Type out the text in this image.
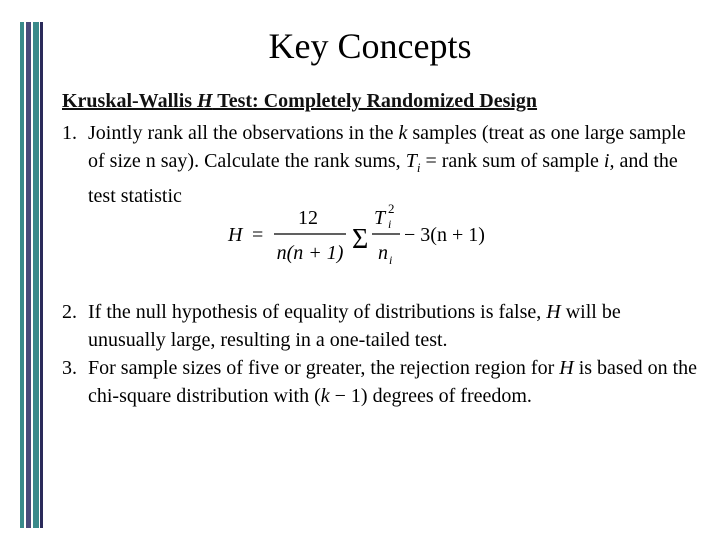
Key Concepts
Kruskal-Wallis H Test: Completely Randomized Design
1. Jointly rank all the observations in the k samples (treat as one large sample of size n say). Calculate the rank sums, $T_i$ = rank sum of sample i, and the test statistic
H =
12
n(n + 1) Σ
T 2
i
n i
− 3(n + 1)
2. If the null hypothesis of equality of distributions is false, H will be unusually large, resulting in a one-tailed test.
3. For sample sizes of five or greater, the rejection region for H is based on the chi-square distribution with (k − 1) degrees of freedom.
